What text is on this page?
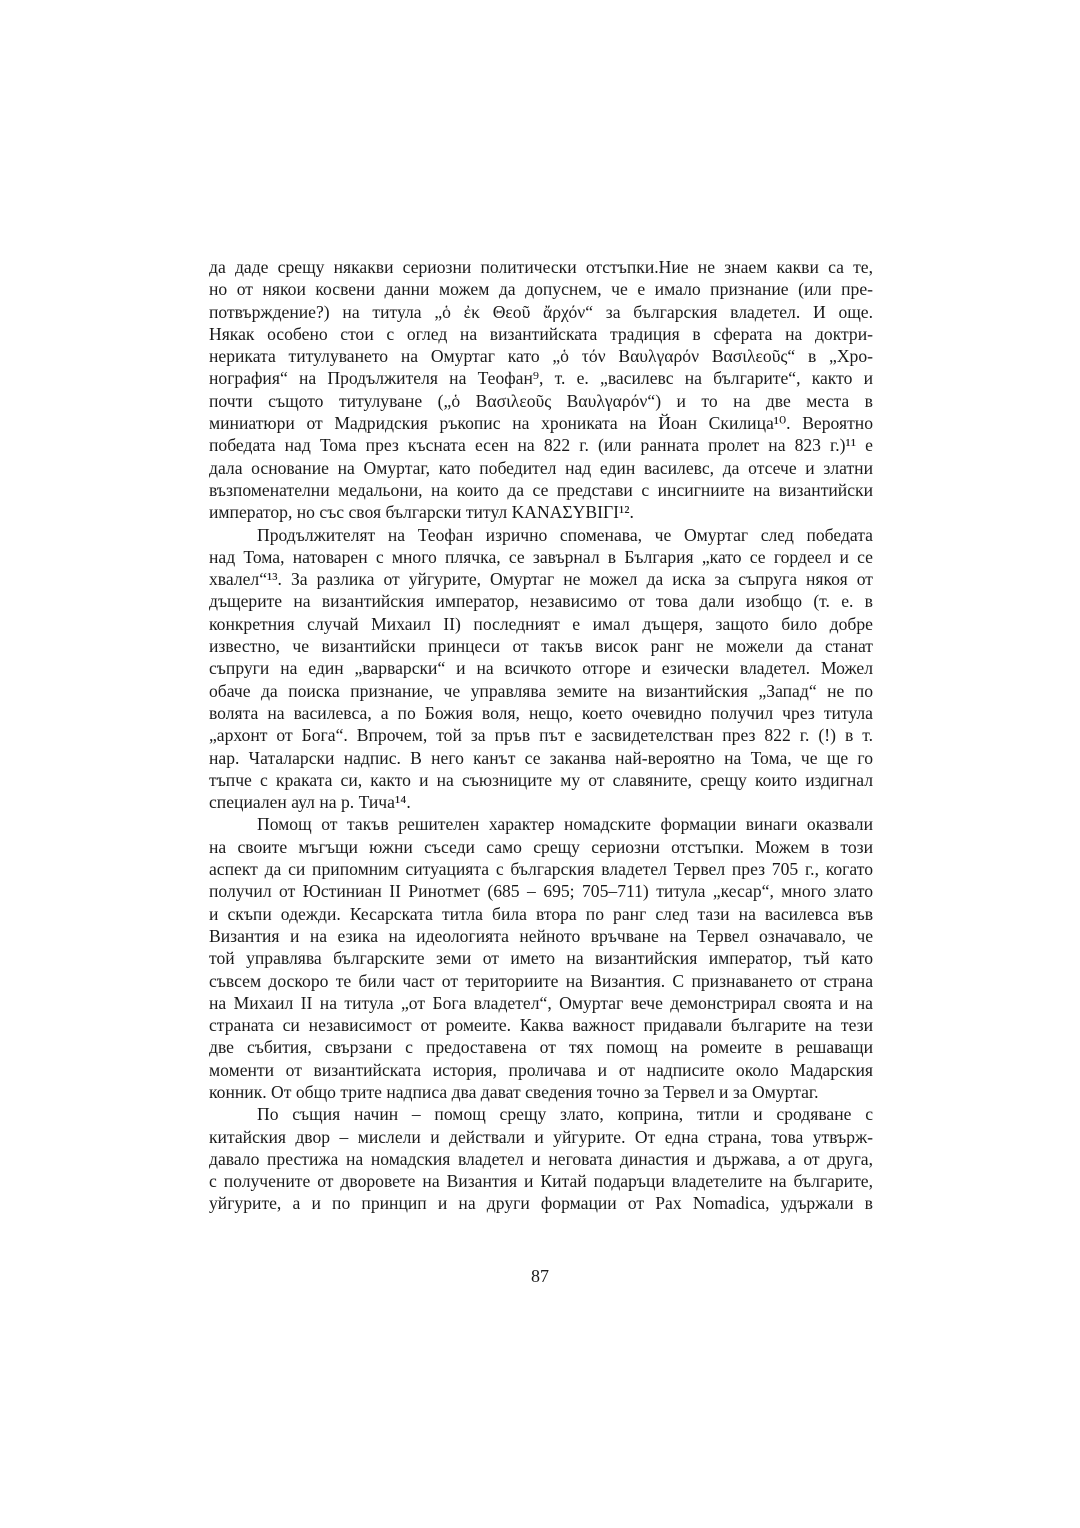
да даде срещу някакви сериозни политически отстъпки.Ние не знаем какви са те,
но от някои косвени данни можем да допуснем, че е имало признание (или пре-
потвърждение?) на титула „ὁ ἐκ Θεοῦ ἄρχόν“ за българския владетел. И още.
Някак особено стои с оглед на византийската традиция в сферата на доктри-
нериката титулуването на Омуртаг като „ὁ τόν Βαυλγαρόν Βασιλεοῦς“ в „Хро-
нография“ на Продължителя на Теофан⁹, т. е. „василевс на българите“, както и
почти същото титулуване („ὁ Βασιλεοῦς Βαυλγαρόν“) и то на две места в
миниатюри от Мадридския ръкопис на хрониката на Йоан Скилица¹⁰. Вероятно
победата над Тома през късната есен на 822 г. (или ранната пролет на 823 г.)¹¹ е
дала основание на Омуртаг, като победител над един василевс, да отсече и златни
възпоменателни медальони, на които да се представи с инсигниите на византийски
император, но със своя български титул ΚΑΝΑΣΥΒΙΓΙ¹².

Продължителят на Теофан изрично споменава, че Омуртаг след победата
над Тома, натоварен с много плячка, се завърнал в България „като се гордеел и се
хвалел“¹³. За разлика от уйгурите, Омуртаг не можел да иска за съпруга някоя от
дъщерите на византийския император, независимо от това дали изобщо (т. е. в
конкретния случай Михаил II) последният е имал дъщеря, защото било добре
известно, че византийски принцеси от такъв висок ранг не можели да станат
съпруги на един „варварски“ и на всичкото отгоре и езически владетел. Можел
обаче да поиска признание, че управлява земите на византийския „Запад“ не по
волята на василевса, а по Божия воля, нещо, което очевидно получил чрез титула
„архонт от Бога“. Впрочем, той за пръв път е засвидетелстван през 822 г. (!) в т.
нар. Чаталарски надпис. В него канът се заканва най-вероятно на Тома, че ще го
тъпче с краката си, както и на съюзниците му от славяните, срещу които издигнал
специален аул на р. Тича¹⁴.

Помощ от такъв решителен характер номадските формации винаги оказвали
на своите мъгъщи южни съседи само срещу сериозни отстъпки. Можем в този
аспект да си припомним ситуацията с българския владетел Тервел през 705 г., когато
получил от Юстиниан II Ринотмет (685 – 695; 705–711) титула „кесар“, много злато
и скъпи одежди. Кесарската титла била втора по ранг след тази на василевса във
Византия и на езика на идеологията нейното връчване на Тервел означавало, че
той управлява българските земи от името на византийския император, тъй като
съвсем доскоро те били част от териториите на Византия. С признаването от страна
на Михаил II на титула „от Бога владетел“, Омуртаг вече демонстрирал своята и на
страната си независимост от ромеите. Каква важност придавали българите на тези
две събития, свързани с предоставена от тях помощ на ромеите в решаващи
моменти от византийската история, проличава и от надписите около Мадарския
конник. От общо трите надписа два дават сведения точно за Тервел и за Омуртаг.

По същия начин – помощ срещу злато, коприна, титли и сродяване с
китайския двор – мислели и действали и уйгурите. От една страна, това утвърж-
давало престижа на номадския владетел и неговата династия и държава, а от друга,
с получените от дворовете на Византия и Китай подаръци владетелите на българите,
уйгурите, а и по принцип и на други формации от Pax Nomadica, удържали в

87
